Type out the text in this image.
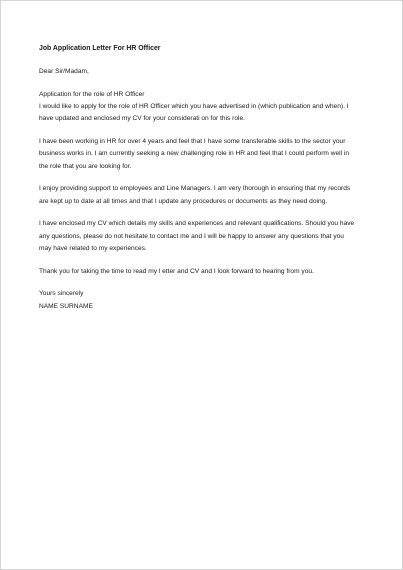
Job Application Letter For HR Officer
Dear Sir/Madam,
Application for the role of HR Officer
I would like to apply for the role of HR Officer which you have advertised in (which publication and when). I
have updated and enclosed my CV for your considerati on for this role.
I have been working in HR for over 4 years and feel that I have some transferable skills to the sector your
business works in. I am currently seeking a new challenging role in HR and feel that I could perform well in
the role that you are looking for.
I enjoy providing support to employees and Line Managers. I am very thorough in ensuring that my records
are kept up to date at all times and that I update any procedures or documents as they need doing.
I have enclosed my CV which details my skills and experiences and relevant qualifications. Should you have
any questions, please do not hesitate to contact me and I will be happy to answer any questions that you
may have related to my experiences.
Thank you for taking the time to read my l etter and CV and I look forward to hearing from you.
Yours sincerely
NAME SURNAME
